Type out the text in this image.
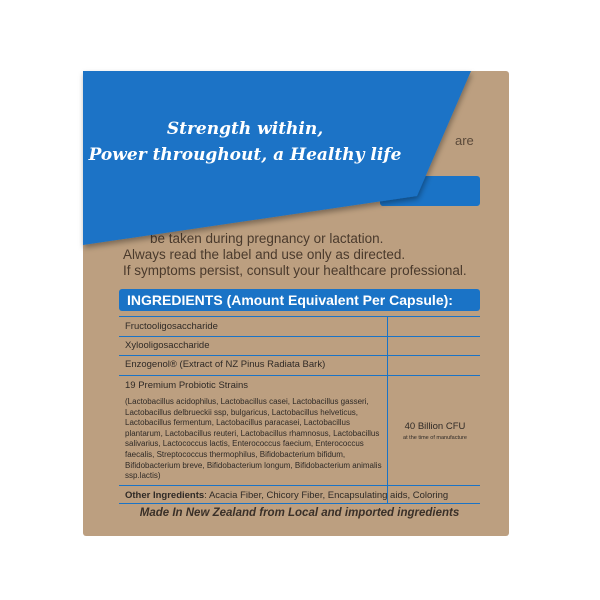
are
be taken during pregnancy or lactation.
Always read the label and use only as directed.
If symptoms persist, consult your healthcare professional.
Strength within,
Power throughout, a Healthy life
INGREDIENTS (Amount Equivalent Per Capsule):
Fructooligosaccharide
Xylooligosaccharide
Enzogenol® (Extract of NZ Pinus Radiata Bark)
19 Premium Probiotic Strains
(Lactobacillus acidophilus, Lactobacillus casei, Lactobacillus gasseri, Lactobacillus delbrueckii ssp, bulgaricus, Lactobacillus helveticus, Lactobacillus fermentum, Lactobacillus paracasei, Lactobacillus plantarum, Lactobacillus reuteri, Lactobacillus rhamnosus, Lactobacillus salivarius, Lactococcus lactis, Enterococcus faecium, Enterococcus faecalis, Streptococcus thermophilus, Bifidobacterium bifidum, Bifidobacterium breve, Bifidobacterium longum, Bifidobacterium animalis ssp.lactis)
40 Billion CFU
at the time of manufacture
Other Ingredients: Acacia Fiber, Chicory Fiber, Encapsulating aids, Coloring
Made In New Zealand from Local and imported ingredients
